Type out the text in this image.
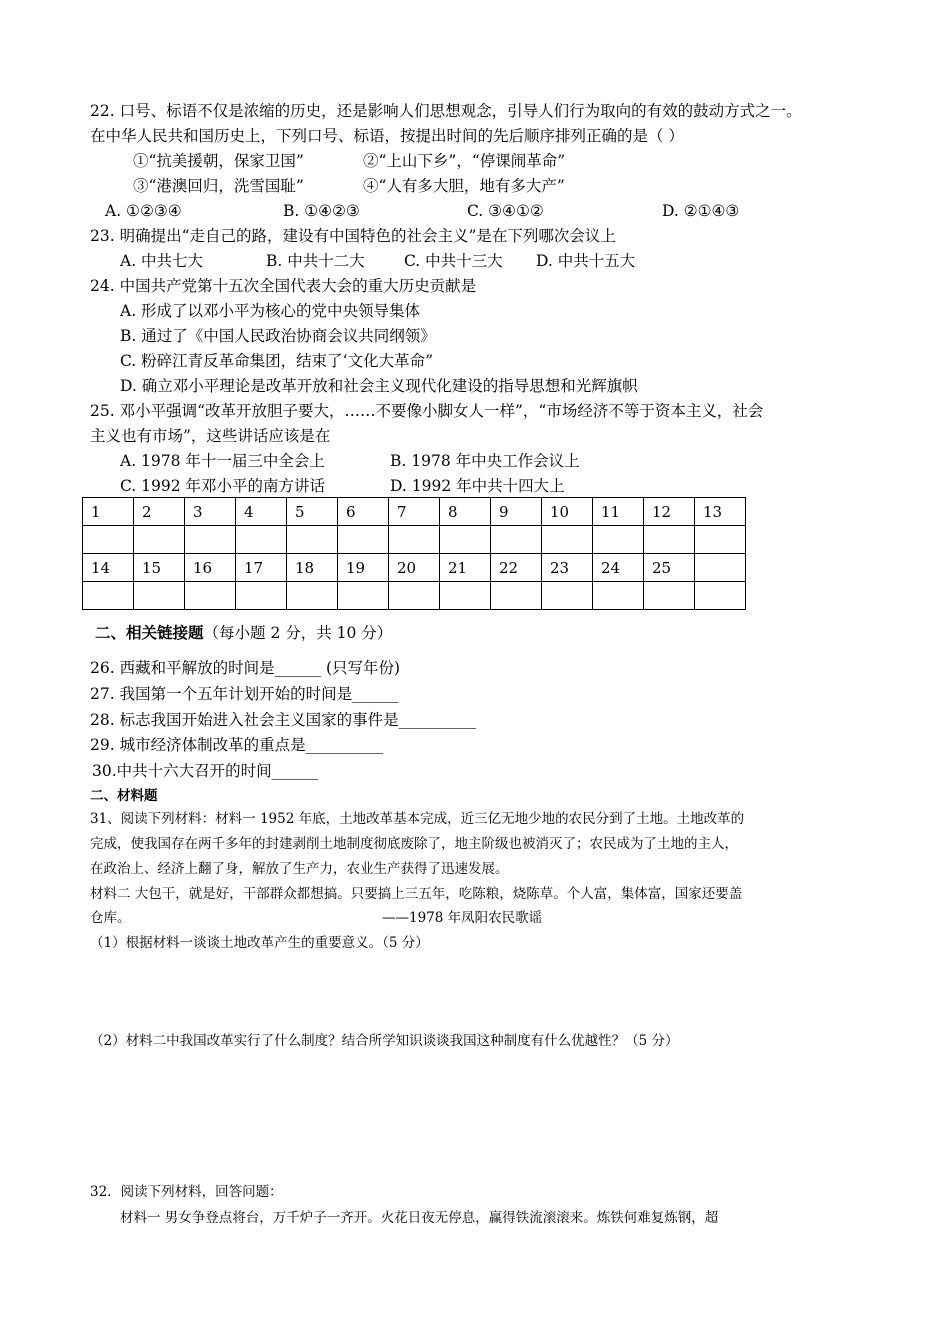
22. 口号、标语不仅是浓缩的历史，还是影响人们思想观念，引导人们行为取向的有效的鼓动方式之一。
在中华人民共和国历史上，下列口号、标语，按提出时间的先后顺序排列正确的是（ ）
①“抗美援朝，保家卫国”	②“上山下乡”，“停课闹革命”
③“港澳回归，洗雪国耻”	④“人有多大胆，地有多大产”
A. ①②③④	B. ①④②③	C. ③④①②	D. ②①④③
23. 明确提出“走自己的路，建设有中国特色的社会主义”是在下列哪次会议上
A. 中共七大	B. 中共十二大	C. 中共十三大 D. 中共十五大
24. 中国共产党第十五次全国代表大会的重大历史贡献是
A. 形成了以邓小平为核心的党中央领导集体
B. 通过了《中国人民政治协商会议共同纲领》
C. 粉碎江青反革命集团，结束了‘文化大革命”
D. 确立邓小平理论是改革开放和社会主义现代化建设的指导思想和光辉旗帜
25. 邓小平强调“改革开放胆子要大，……不要像小脚女人一样”，“市场经济不等于资本主义，社会
主义也有市场”，这些讲话应该是在
A. 1978 年十一届三中全会上	B. 1978 年中央工作会议上
C. 1992 年邓小平的南方讲话	D. 1992 年中共十四大上
1	2	3	4	5	6	7	8	9	10	11	12	13

14	15	16	17	18	19	20	21	22	23	24	25	

二、相关链接题（每小题 2 分，共 10 分）
26. 西藏和平解放的时间是______ (只写年份)
27. 我国第一个五年计划开始的时间是______
28. 标志我国开始进入社会主义国家的事件是__________
29. 城市经济体制改革的重点是__________
30.中共十六大召开的时间______
二、材料题
31、阅读下列材料：材料一 1952 年底，土地改革基本完成，近三亿无地少地的农民分到了土地。土地改革的
完成，使我国存在两千多年的封建剥削土地制度彻底废除了，地主阶级也被消灭了；农民成为了土地的主人，
在政治上、经济上翻了身，解放了生产力，农业生产获得了迅速发展。
材料二 大包干，就是好，干部群众都想搞。只要搞上三五年，吃陈粮，烧陈草。个人富，集体富，国家还要盖
仓库。	——1978 年凤阳农民歌谣
（1）根据材料一谈谈土地改革产生的重要意义。（5 分）
（2）材料二中我国改革实行了什么制度？结合所学知识谈谈我国这种制度有什么优越性？（5 分）
32．阅读下列材料，回答问题：
材料一 男女争登点将台，万千炉子一齐开。火花日夜无停息，赢得铁流滚滚来。炼铁何难复炼钢，超
